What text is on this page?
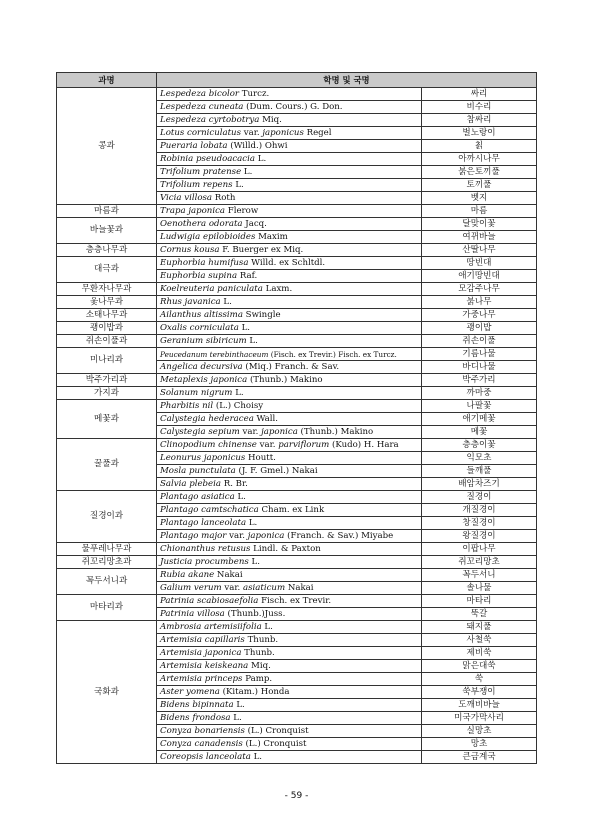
과명	학명 및 국명	
콩과	Lespedeza bicolor Turcz.	싸리
	Lespedeza cuneata (Dum. Cours.) G. Don.	비수리
	Lespedeza cyrtobotrya Miq.	참싸리
	Lotus corniculatus var. japonicus Regel	벌노랑이
	Pueraria lobata (Willd.) Ohwi	칡
	Robinia pseudoacacia L.	아까시나무
	Trifolium pratense L.	붉은토끼풀
	Trifolium repens L.	토끼풀
	Vicia villosa Roth	벳지
마름과	Trapa japonica Flerow	마름
바늘꽃과	Oenothera odorata Jacq.	달맞이꽃
	Ludwigia epilobioides Maxim	여뀌바늘
층층나무과	Cornus kousa F. Buerger ex Miq.	산딸나무
대극과	Euphorbia humifusa Willd. ex Schltdl.	땅빈대
	Euphorbia supina Raf.	애기땅빈대
무환자나무과	Koelreuteria paniculata Laxm.	모감주나무
옻나무과	Rhus javanica L.	붉나무
소태나무과	Ailanthus altissima Swingle	가중나무
괭이밥과	Oxalis corniculata L.	괭이밥
쥐손이풀과	Geranium sibiricum L.	쥐손이풀
미나리과	Peucedanum terebinthaceum (Fisch. ex Trevir.) Fisch. ex Turcz.	기름나물
	Angelica decursiva (Miq.) Franch. & Sav.	바디나물
박주가리과	Metaplexis japonica (Thunb.) Makino	박주가리
가지과	Solanum nigrum L.	까마중
메꽃과	Pharbitis nil (L.) Choisy	나팔꽃
	Calystegia hederacea Wall.	애기메꽃
	Calystegia sepium var. japonica (Thunb.) Makino	메꽃
꿀풀과	Clinopodium chinense var. parviflorum (Kudo) H. Hara	층층이꽃
	Leonurus japonicus Houtt.	익모초
	Mosla punctulata (J. F. Gmel.) Nakai	들깨풀
	Salvia plebeia R. Br.	배암차즈기
질경이과	Plantago asiatica L.	질경이
	Plantago camtschatica Cham. ex Link	개질경이
	Plantago lanceolata L.	창질경이
	Plantago major var. japonica (Franch. & Sav.) Miyabe	왕질경이
물푸레나무과	Chionanthus retusus Lindl. & Paxton	이팝나무
쥐꼬리망초과	Justicia procumbens L.	쥐꼬리망초
꼭두서니과	Rubia akane Nakai	꼭두서니
	Galium verum var. asiaticum Nakai	솔나물
마타리과	Patrinia scabiosaefolia Fisch. ex Trevir.	마타리
	Patrinia villosa (Thunb.)Juss.	뚝갈
국화과	Ambrosia artemisiifolia L.	돼지풀
	Artemisia capillaris Thunb.	사철쑥
	Artemisia japonica Thunb.	제비쑥
	Artemisia keiskeana Miq.	맑은대쑥
	Artemisia princeps Pamp.	쑥
	Aster yomena (Kitam.) Honda	쑥부쟁이
	Bidens bipinnata L.	도깨비바늘
	Bidens frondosa L.	미국가막사리
	Conyza bonariensis (L.) Cronquist	실망초
	Conyza canadensis (L.) Cronquist	망초
	Coreopsis lanceolata L.	큰금계국
- 59 -
